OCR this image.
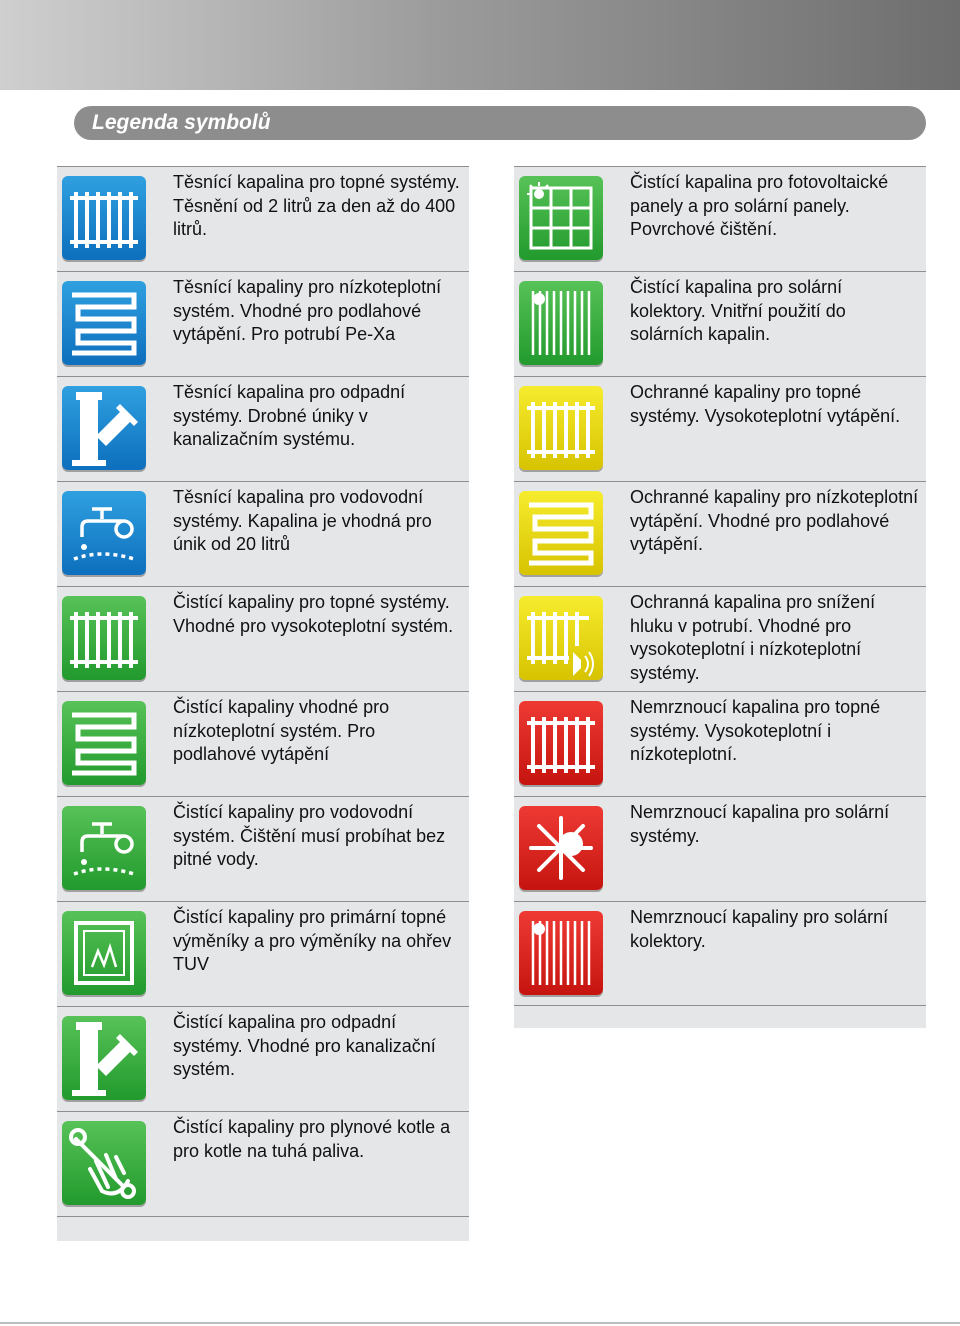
Legenda symbolů
Těsnící kapalina pro topné systémy. Těsnění od 2 litrů za den až do 400 litrů.
Těsnící kapaliny pro nízkoteplotní systém. Vhodné pro podlahové vytápění. Pro potrubí Pe-Xa
Těsnící kapalina pro odpadní systémy. Drobné úniky v kanalizačním systému.
Těsnící kapalina pro vodovodní systémy. Kapalina je vhodná pro únik od 20 litrů
Čistící kapaliny pro topné systémy. Vhodné pro vysokoteplotní systém.
Čistící kapaliny vhodné pro nízkoteplotní systém. Pro podlahové vytápění
Čistící kapaliny pro vodovodní systém. Čištění musí probíhat bez pitné vody.
Čistící kapaliny pro primární topné výměníky a pro výměníky na ohřev TUV
Čistící kapalina pro odpadní systémy. Vhodné pro kanalizační systém.
Čistící kapaliny pro plynové kotle a pro kotle na tuhá paliva.
Čistící kapalina pro fotovoltaické panely a pro solární panely. Povrchové čištění.
Čistící kapalina pro solární kolektory. Vnitřní použití do solárních kapalin.
Ochranné kapaliny pro topné systémy. Vysokoteplotní vytápění.
Ochranné kapaliny pro nízkoteplotní vytápění. Vhodné pro podlahové vytápění.
Ochranná kapalina pro snížení hluku v potrubí. Vhodné pro vysokoteplotní i nízkoteplotní systémy.
Nemrznoucí kapalina pro topné systémy. Vysokoteplotní i nízkoteplotní.
Nemrznoucí kapalina pro solární systémy.
Nemrznoucí kapaliny pro solární kolektory.
